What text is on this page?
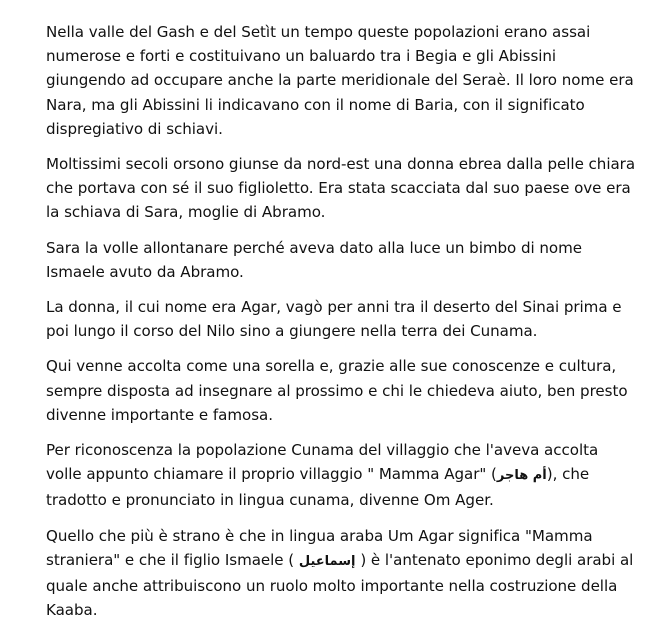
Nella valle del Gash e del Setìt un tempo queste popolazioni erano assai numerose e forti e costituivano un baluardo tra i Begia e gli Abissini giungendo ad occupare anche la parte meridionale del Seraè. Il loro nome era Nara, ma gli Abissini li indicavano con il nome di Baria, con il significato dispregiativo di schiavi.

Moltissimi secoli orsono giunse da nord-est una donna ebrea dalla pelle chiara che portava con sé il suo figlioletto. Era stata scacciata dal suo paese ove era la schiava di Sara, moglie di Abramo.

Sara la volle allontanare perché aveva dato alla luce un bimbo di nome Ismaele avuto da Abramo.

La donna, il cui nome era Agar, vagò per anni tra il deserto del Sinai prima e poi lungo il corso del Nilo sino a giungere nella terra dei Cunama.

Qui venne accolta come una sorella e, grazie alle sue conoscenze e cultura, sempre disposta ad insegnare al prossimo e chi le chiedeva aiuto, ben presto divenne importante e famosa.

Per riconoscenza la popolazione Cunama del villaggio che l'aveva accolta volle appunto chiamare il proprio villaggio " Mamma Agar" (أم هاجر), che tradotto e pronunciato in lingua cunama, divenne Om Ager.

Quello che più è strano è che in lingua araba Um Agar significa "Mamma straniera" e che il figlio Ismaele ( إسماعيل ) è l'antenato eponimo degli arabi al quale anche attribuiscono un ruolo molto importante nella costruzione della Kaaba.
